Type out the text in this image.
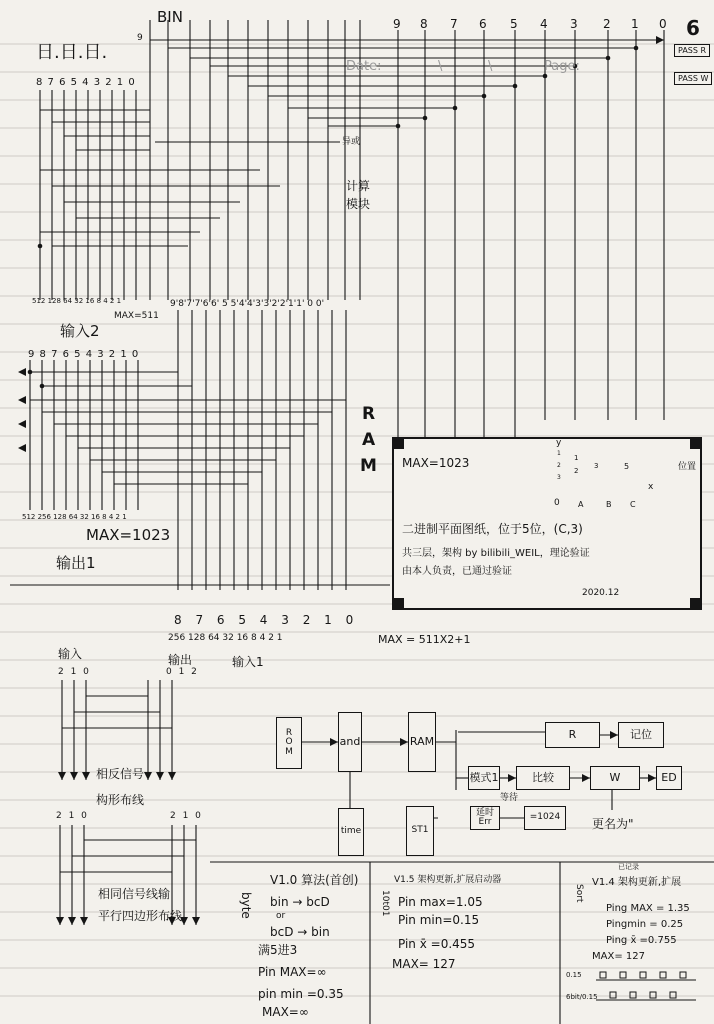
BIN	6
日.日.日.
9
Date:	\	\	Page:
PASS R
PASS W
9 8 7 6 5 4 3 2 1 0
8 7 6 5 4 3 2 1 0
异或
计算
模块
512 128 64 32 16 8 4 2 1
MAX=511
9'8'7'7'6'6' 5 5'4'4'3'3'2'2'1'1' 0 0'
输入2
9 8 7 6 5 4 3 2 1 0
512 256 128 64 32 16 8 4 2 1
MAX=1023
输出1
R
A
M
8 7 6 5 4 3 2 1 0
256 128 64 32 16 8 4 2 1	MAX = 511X2+1
MAX=1023
二进制平面图纸，位于5位，(C,3)
共三层，架构 by bilibili_WEIL，理论验证
由本人负责，已通过验证
2020.12
y
x
0
1
2
3
A	B C
1
2
3	5	位置
输入
2 1 0
输出
0 1 2
输入1
相反信号
构形布线
2 1 0	2 1 0
相同信号线输
平行四边形布线
R O M
and	RAM
R	记位
模式1	比较	W	ED
等待
延时Err	=1024	更名为"
time	ST1
byte
V1.0 算法(首创)
bin → bcD
or
bcD → bin
满5进3
Pin MAX=∞
pin min =0.35
MAX=∞
10t01
V1.5 架构更新,扩展启动器
Pin max=1.05
Pin min=0.15
Pin x̄ =0.455
MAX= 127
已记录
Sort
V1.4 架构更新,扩展
Ping MAX = 1.35
Pingmin = 0.25
Ping x̄ =0.755
MAX= 127
0.15
6bit/0.15
